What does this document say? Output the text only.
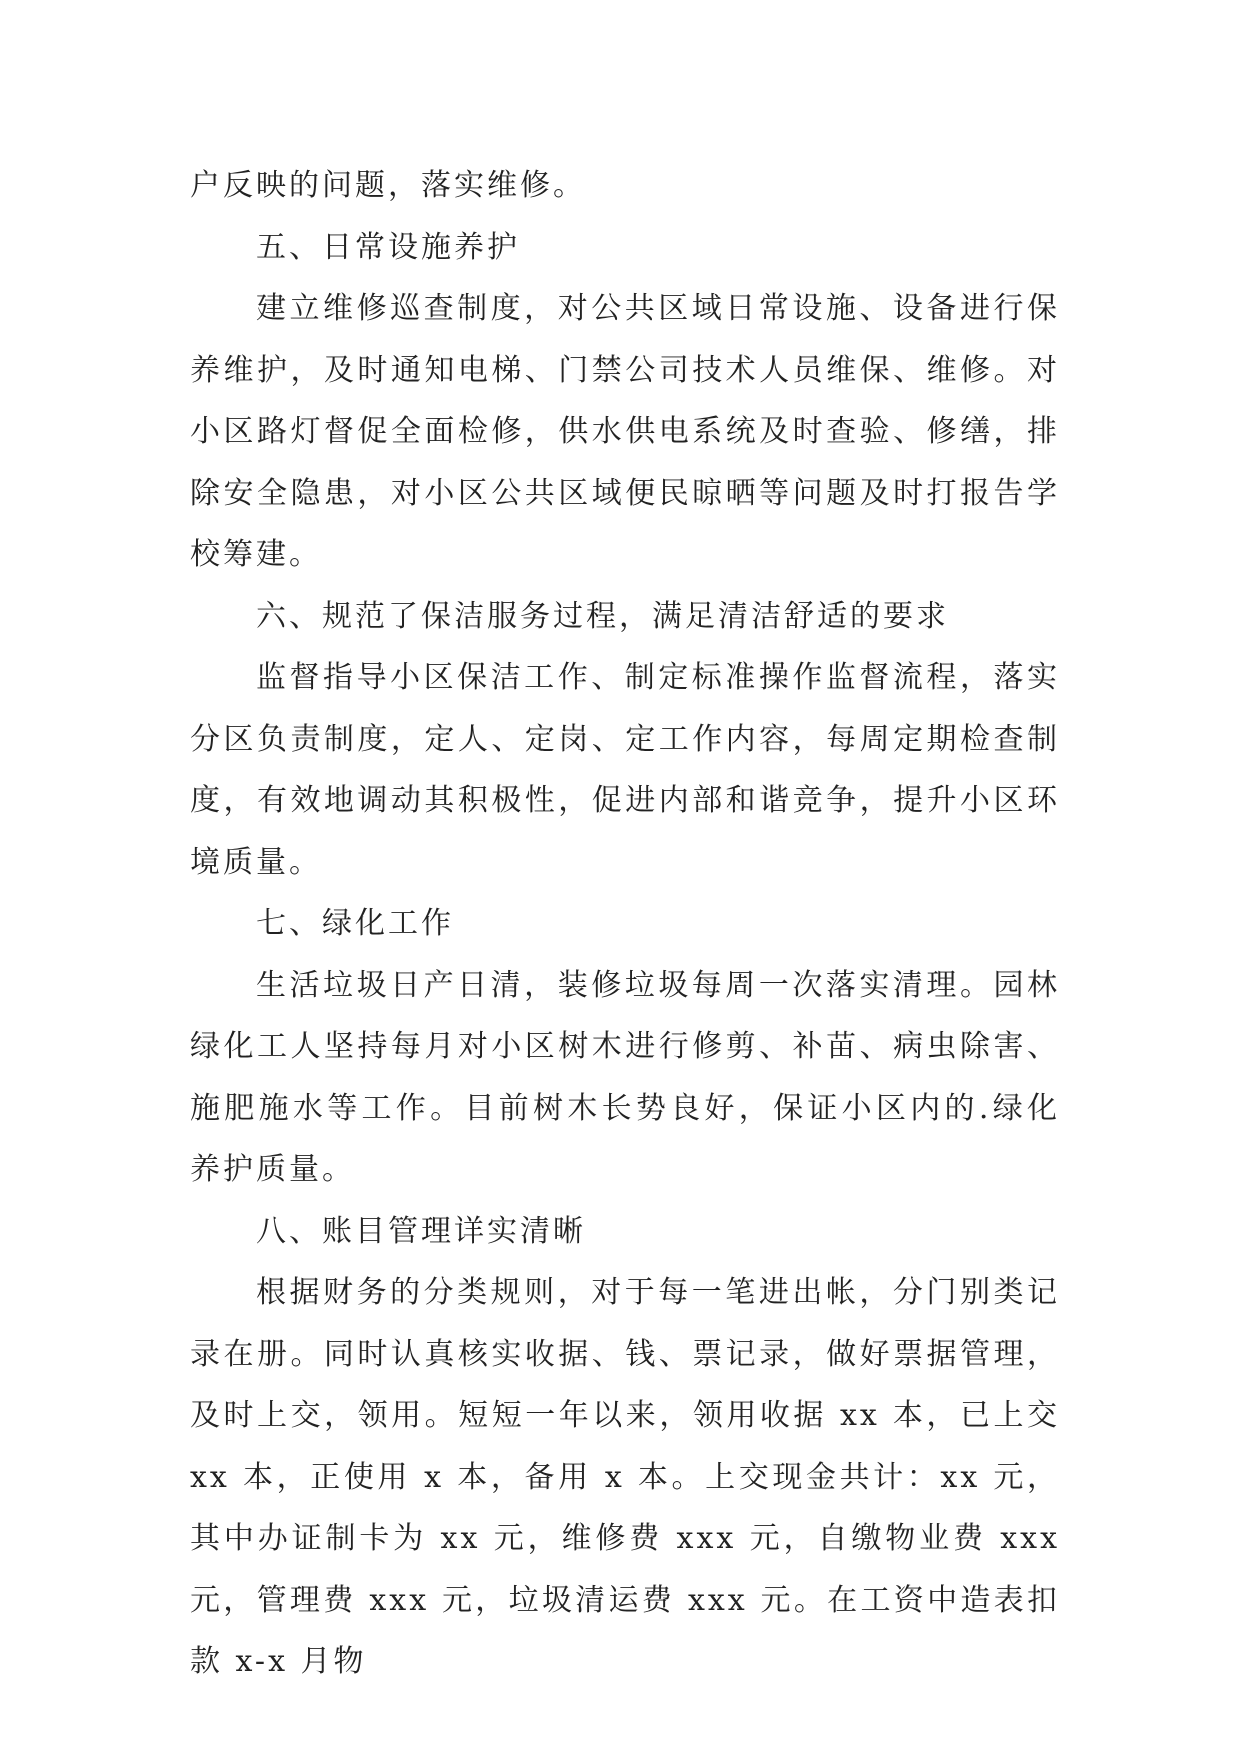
户反映的问题，落实维修。

五、日常设施养护

建立维修巡查制度，对公共区域日常设施、设备进行保养维护，及时通知电梯、门禁公司技术人员维保、维修。对小区路灯督促全面检修，供水供电系统及时查验、修缮，排除安全隐患，对小区公共区域便民晾晒等问题及时打报告学校筹建。

六、规范了保洁服务过程，满足清洁舒适的要求

监督指导小区保洁工作、制定标准操作监督流程，落实分区负责制度，定人、定岗、定工作内容，每周定期检查制度，有效地调动其积极性，促进内部和谐竞争，提升小区环境质量。

七、绿化工作

生活垃圾日产日清，装修垃圾每周一次落实清理。园林绿化工人坚持每月对小区树木进行修剪、补苗、病虫除害、施肥施水等工作。目前树木长势良好，保证小区内的.绿化养护质量。

八、账目管理详实清晰

根据财务的分类规则，对于每一笔进出帐，分门别类记录在册。同时认真核实收据、钱、票记录，做好票据管理，及时上交，领用。短短一年以来，领用收据 xx 本，已上交 xx 本，正使用 x 本，备用 x 本。上交现金共计：xx 元，其中办证制卡为 xx 元，维修费 xxx 元，自缴物业费 xxx 元，管理费 xxx 元，垃圾清运费 xxx 元。在工资中造表扣款 x-x 月物
